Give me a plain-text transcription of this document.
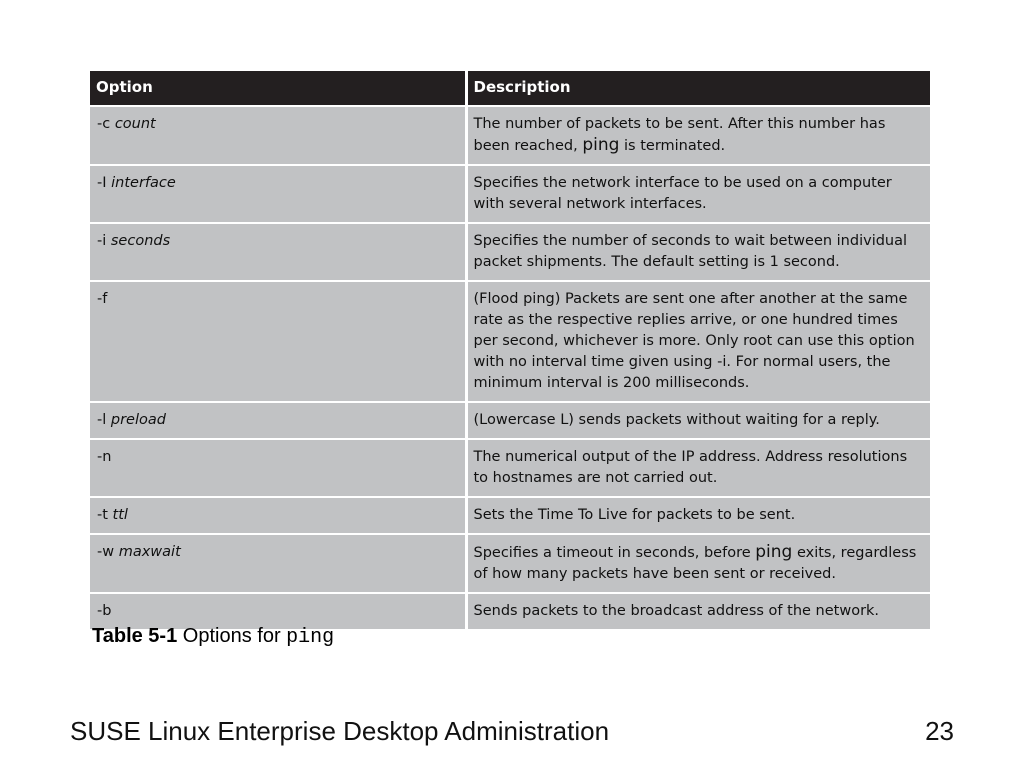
Option	Description
-c count	The number of packets to be sent. After this number has been reached, ping is terminated.
-I interface	Specifies the network interface to be used on a computer with several network interfaces.
-i seconds	Specifies the number of seconds to wait between individual packet shipments. The default setting is 1 second.
-f	(Flood ping) Packets are sent one after another at the same rate as the respective replies arrive, or one hundred times per second, whichever is more. Only root can use this option with no interval time given using -i. For normal users, the minimum interval is 200 milliseconds.
-l preload	(Lowercase L) sends packets without waiting for a reply.
-n	The numerical output of the IP address. Address resolutions to hostnames are not carried out.
-t ttl	Sets the Time To Live for packets to be sent.
-w maxwait	Specifies a timeout in seconds, before ping exits, regardless of how many packets have been sent or received.
-b	Sends packets to the broadcast address of the network.
Table 5-1 Options for ping
SUSE Linux Enterprise Desktop Administration	23
